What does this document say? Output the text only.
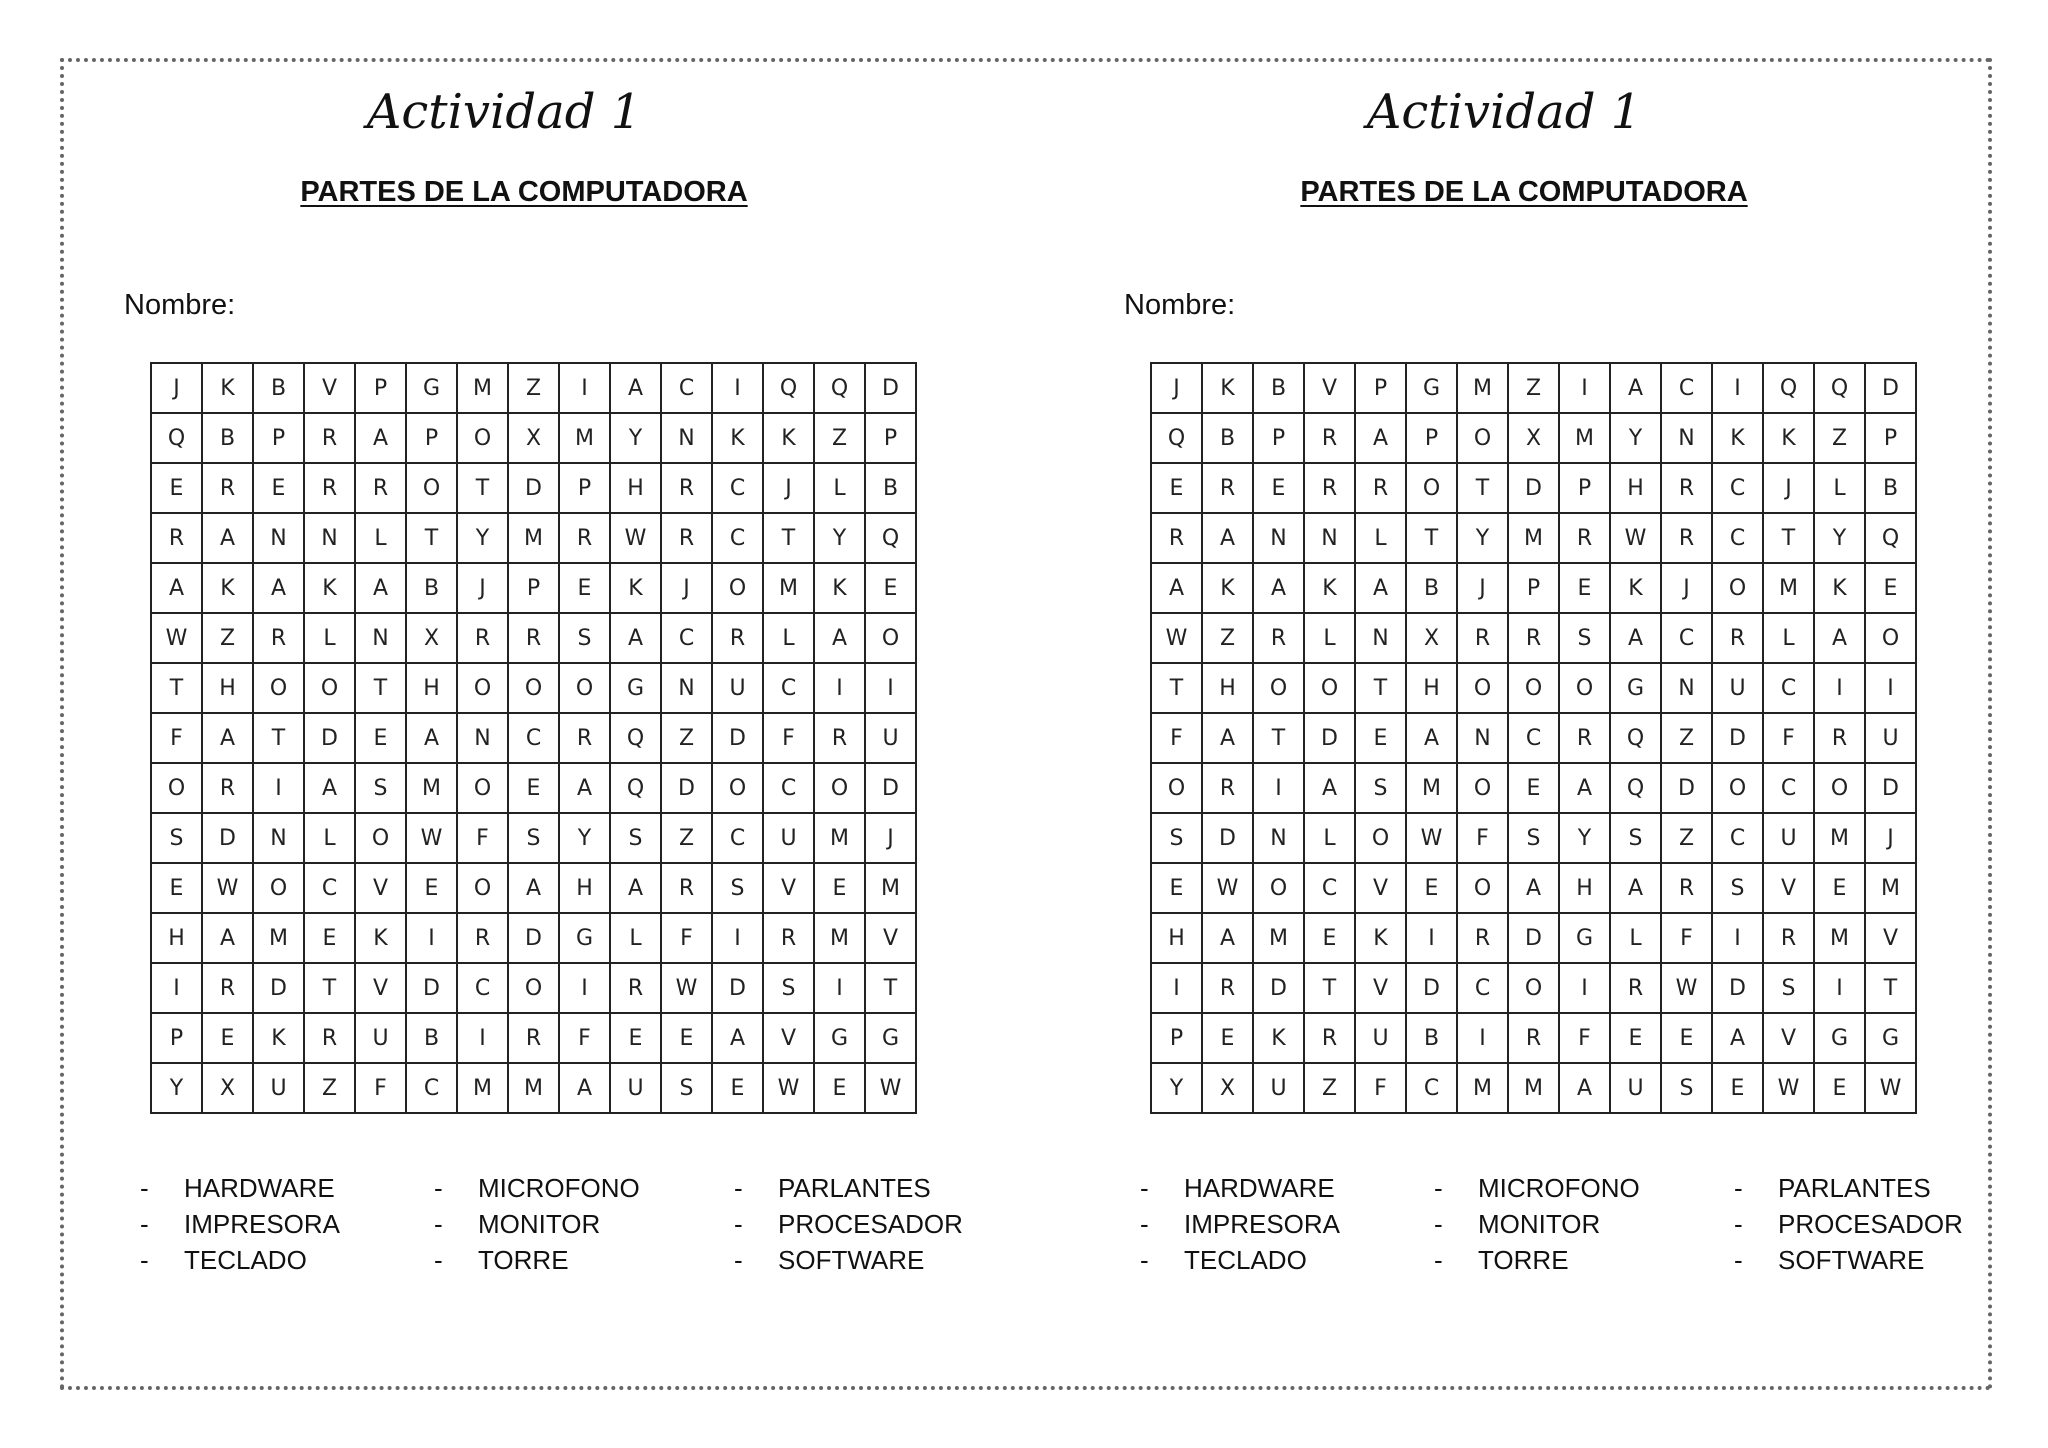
Actividad 1
PARTES DE LA COMPUTADORA
Nombre:
J	K	B	V	P	G	M	Z	I	A	C	I	Q	Q	D
Q	B	P	R	A	P	O	X	M	Y	N	K	K	Z	P
E	R	E	R	R	O	T	D	P	H	R	C	J	L	B
R	A	N	N	L	T	Y	M	R	W	R	C	T	Y	Q
A	K	A	K	A	B	J	P	E	K	J	O	M	K	E
W	Z	R	L	N	X	R	R	S	A	C	R	L	A	O
T	H	O	O	T	H	O	O	O	G	N	U	C	I	I
F	A	T	D	E	A	N	C	R	Q	Z	D	F	R	U
O	R	I	A	S	M	O	E	A	Q	D	O	C	O	D
S	D	N	L	O	W	F	S	Y	S	Z	C	U	M	J
E	W	O	C	V	E	O	A	H	A	R	S	V	E	M
H	A	M	E	K	I	R	D	G	L	F	I	R	M	V
I	R	D	T	V	D	C	O	I	R	W	D	S	I	T
P	E	K	R	U	B	I	R	F	E	E	A	V	G	G
Y	X	U	Z	F	C	M	M	A	U	S	E	W	E	W
-	HARDWARE	-	MICROFONO	-	PARLANTES
-	IMPRESORA	-	MONITOR	-	PROCESADOR
-	TECLADO	-	TORRE	-	SOFTWARE
Actividad 1
PARTES DE LA COMPUTADORA
Nombre:
J	K	B	V	P	G	M	Z	I	A	C	I	Q	Q	D
Q	B	P	R	A	P	O	X	M	Y	N	K	K	Z	P
E	R	E	R	R	O	T	D	P	H	R	C	J	L	B
R	A	N	N	L	T	Y	M	R	W	R	C	T	Y	Q
A	K	A	K	A	B	J	P	E	K	J	O	M	K	E
W	Z	R	L	N	X	R	R	S	A	C	R	L	A	O
T	H	O	O	T	H	O	O	O	G	N	U	C	I	I
F	A	T	D	E	A	N	C	R	Q	Z	D	F	R	U
O	R	I	A	S	M	O	E	A	Q	D	O	C	O	D
S	D	N	L	O	W	F	S	Y	S	Z	C	U	M	J
E	W	O	C	V	E	O	A	H	A	R	S	V	E	M
H	A	M	E	K	I	R	D	G	L	F	I	R	M	V
I	R	D	T	V	D	C	O	I	R	W	D	S	I	T
P	E	K	R	U	B	I	R	F	E	E	A	V	G	G
Y	X	U	Z	F	C	M	M	A	U	S	E	W	E	W
-	HARDWARE	-	MICROFONO	-	PARLANTES
-	IMPRESORA	-	MONITOR	-	PROCESADOR
-	TECLADO	-	TORRE	-	SOFTWARE
